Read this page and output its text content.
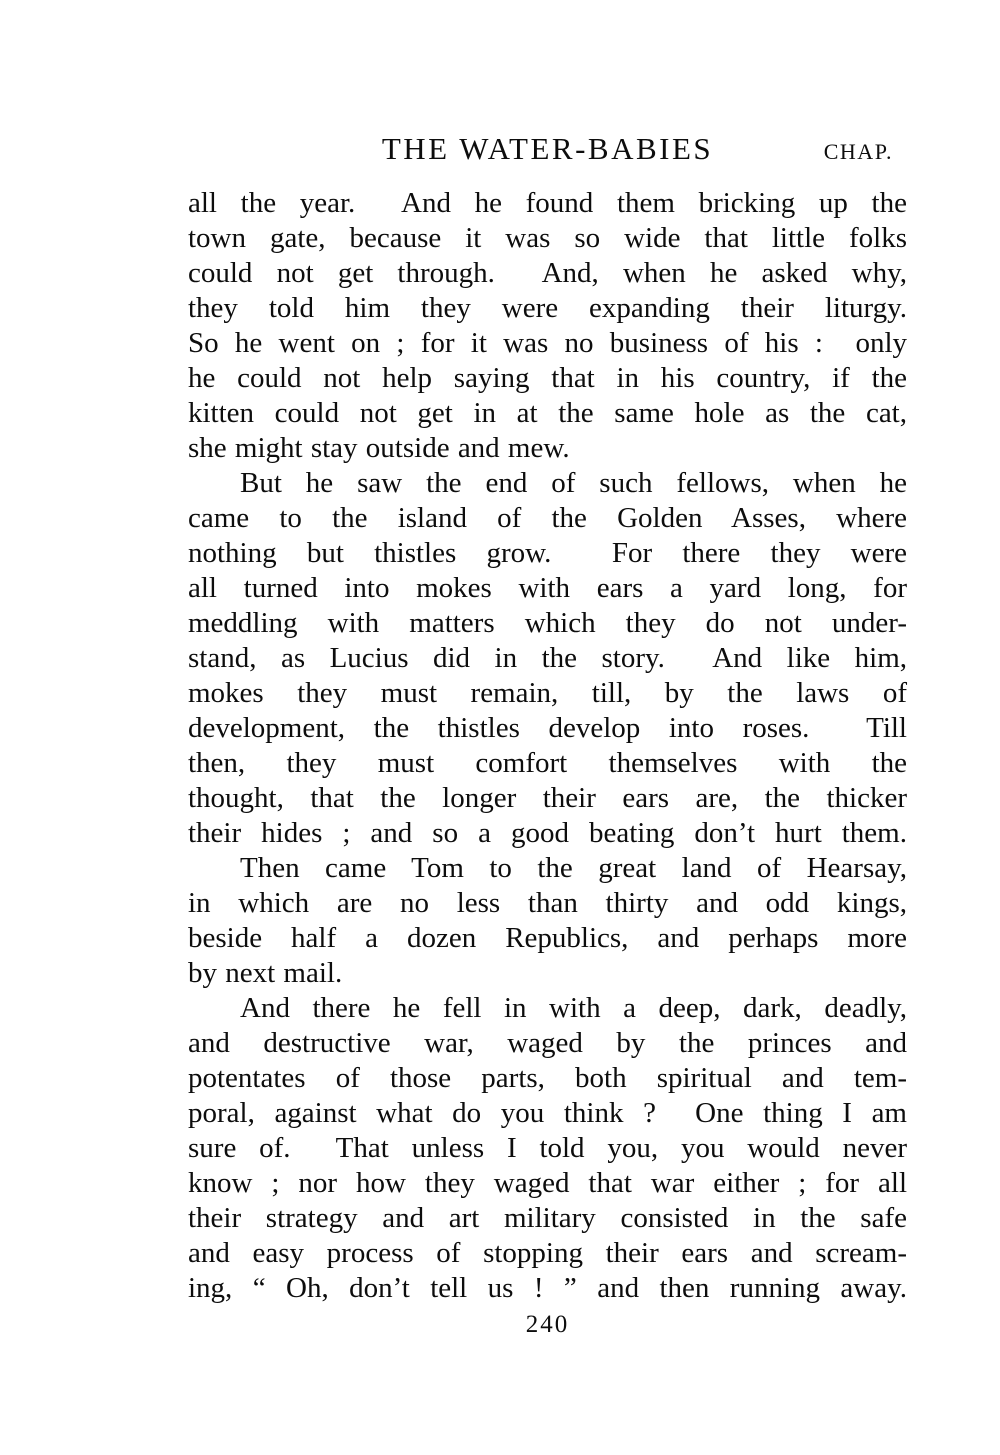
THE WATER-BABIES	CHAP.
all the year.  And he found them bricking up the
town gate, because it was so wide that little folks
could not get through.  And, when he asked why,
they told him they were expanding their liturgy.
So he went on ; for it was no business of his :  only
he could not help saying that in his country, if the
kitten could not get in at the same hole as the cat,
she might stay outside and mew.
But he saw the end of such fellows, when he
came to the island of the Golden Asses, where
nothing but thistles grow.  For there they were
all turned into mokes with ears a yard long, for
meddling with matters which they do not under-
stand, as Lucius did in the story.  And like him,
mokes they must remain, till, by the laws of
development, the thistles develop into roses.  Till
then, they must comfort themselves with the
thought, that the longer their ears are, the thicker
their hides ; and so a good beating don’t hurt them.
Then came Tom to the great land of Hearsay,
in which are no less than thirty and odd kings,
beside half a dozen Republics, and perhaps more
by next mail.
And there he fell in with a deep, dark, deadly,
and destructive war, waged by the princes and
potentates of those parts, both spiritual and tem-
poral, against what do you think ?  One thing I am
sure of.  That unless I told you, you would never
know ; nor how they waged that war either ; for all
their strategy and art military consisted in the safe
and easy process of stopping their ears and scream-
ing, “ Oh, don’t tell us ! ” and then running away.
240
